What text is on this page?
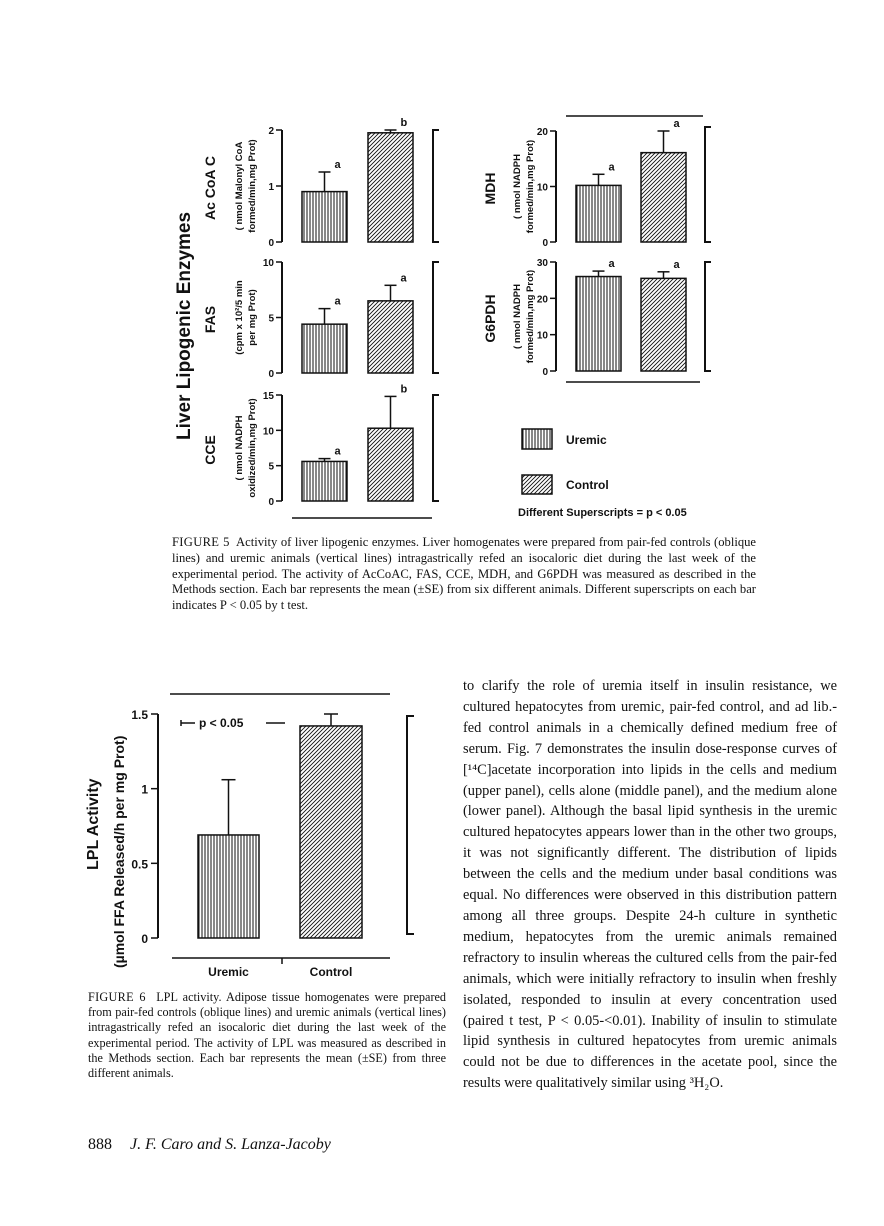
Liver Lipogenic Enzymes	0
1
2
a
b
Ac CoA C ( nmol Malonyl CoA formed/min,mg Prot)
0
5
10
a
a
FAS (cpm x 10²/5 min per mg Prot)
0
5
10
15
a
b
CCE ( nmol NADPH oxidized/min,mg Prot)
0
10
20
a
a
MDH ( nmol NADPH formed/min,mg Prot)
0
10
20
30	a	a
G6PDH ( nmol NADPH formed/min,mg Prot)
Uremic
Control
Different Superscripts = p < 0.05
FIGURE 5 Activity of liver lipogenic enzymes. Liver homogenates were prepared from pair-fed controls (oblique lines) and uremic animals (vertical lines) intragastrically refed an isocaloric diet during the last week of the experimental period. The activity of AcCoAC, FAS, CCE, MDH, and G6PDH was measured as described in the Methods section. Each bar represents the mean (±SE) from six different animals. Different superscripts on each bar indicates P < 0.05 by t test.
0
0.5
1
1.5
Uremic	Control
p < 0.05
LPL Activity (µmol FFA Released/h per mg Prot)
FIGURE 6 LPL activity. Adipose tissue homogenates were prepared from pair-fed controls (oblique lines) and uremic animals (vertical lines) intragastrically refed an isocaloric diet during the last week of the experimental period. The activity of LPL was measured as described in the Methods section. Each bar represents the mean (±SE) from three different animals.
to clarify the role of uremia itself in insulin resistance, we cultured hepatocytes from uremic, pair-fed control, and ad lib.-fed control animals in a chemically defined medium free of serum. Fig. 7 demonstrates the insulin dose-response curves of [¹⁴C]acetate incorporation into lipids in the cells and medium (upper panel), cells alone (middle panel), and the medium alone (lower panel). Although the basal lipid synthesis in the uremic cultured hepatocytes appears lower than in the other two groups, it was not significantly different. The distribution of lipids between the cells and the medium under basal conditions was equal. No differences were observed in this distribution pattern among all three groups. Despite 24-h culture in synthetic medium, hepatocytes from the uremic animals remained refractory to insulin whereas the cultured cells from the pair-fed animals, which were initially refractory to insulin when freshly isolated, responded to insulin at every concentration used (paired t test, P < 0.05-<0.01). Inability of insulin to stimulate lipid synthesis in cultured hepatocytes from uremic animals could not be due to differences in the acetate pool, since the results were qualitatively similar using ³H₂O.
888 J. F. Caro and S. Lanza-Jacoby
